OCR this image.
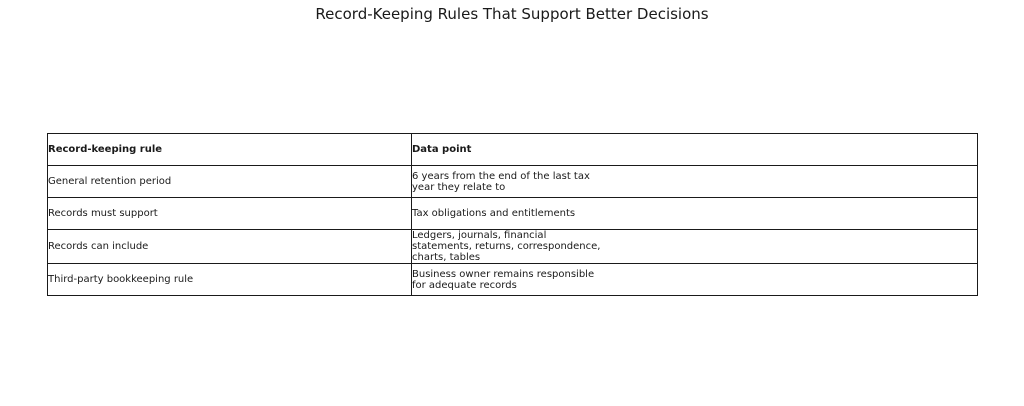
Record-Keeping Rules That Support Better Decisions
Record-keeping rule	Data point
General retention period	6 years from the end of the last tax year they relate to

Records must support	Tax obligations and entitlements

Records can include	Ledgers, journals, financial statements, returns, correspondence, charts, tables

Third-party bookkeeping rule	Business owner remains responsible for adequate records
